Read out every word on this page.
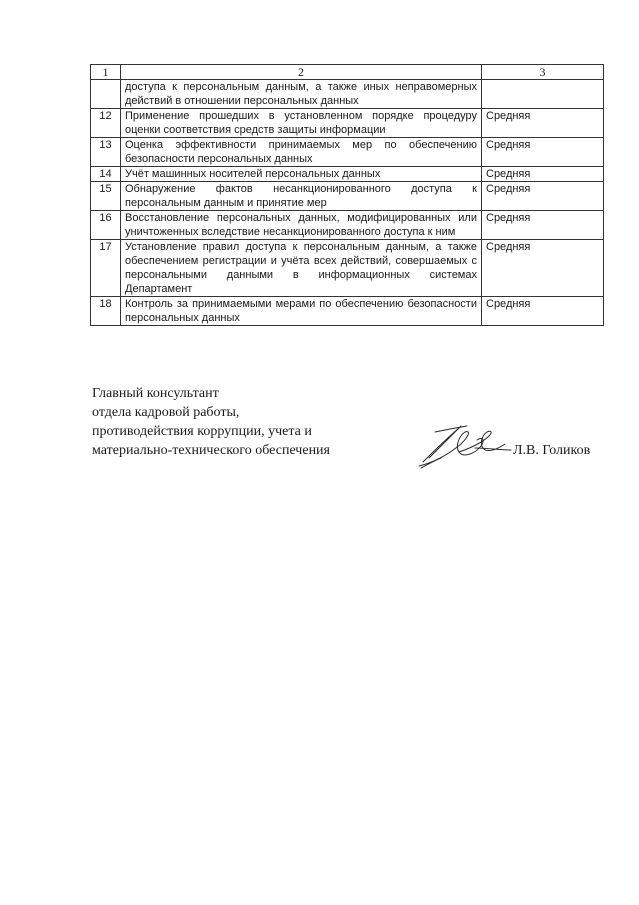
1	2	3
	доступа к персональным данным, а также иных неправомерных действий в отношении персональных данных	
12	Применение прошедших в установленном порядке процедуру оценки соответствия средств защиты информации	Средняя
13	Оценка эффективности принимаемых мер по обеспечению безопасности персональных данных	Средняя
14	Учёт машинных носителей персональных данных	Средняя
15	Обнаружение фактов несанкционированного доступа к персональным данным и принятие мер	Средняя
16	Восстановление персональных данных, модифицированных или уничтоженных вследствие несанкционированного доступа к ним	Средняя
17	Установление правил доступа к персональным данным, а также обеспечением регистрации и учёта всех действий, совершаемых с персональными данными в информационных системах Департамент	Средняя
18	Контроль за принимаемыми мерами по обеспечению безопасности персональных данных	Средняя
Главный консультант
отдела кадровой работы,
противодействия коррупции, учета и
материально-технического обеспечения	Л.В. Голиков
